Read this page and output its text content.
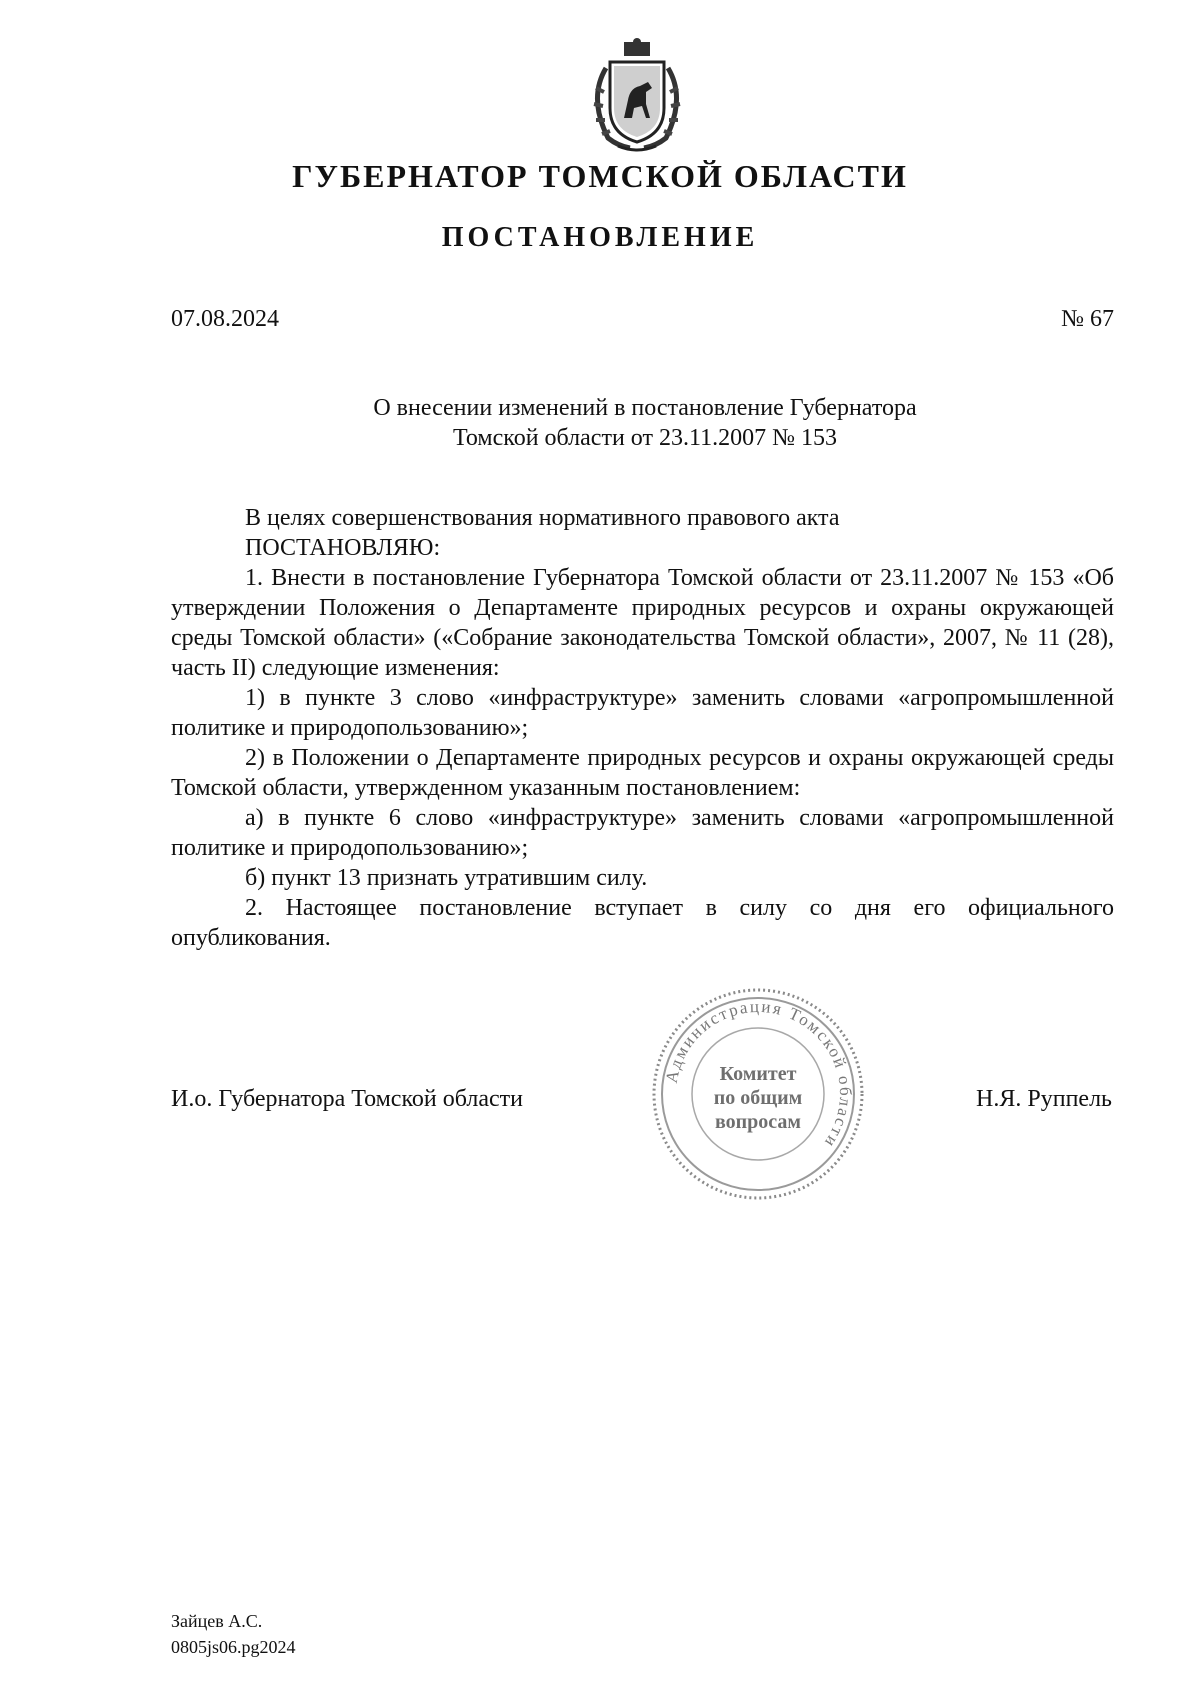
ГУБЕРНАТОР ТОМСКОЙ ОБЛАСТИ
ПОСТАНОВЛЕНИЕ
07.08.2024	№ 67
О внесении изменений в постановление Губернатора
Томской области от 23.11.2007 № 153

В целях совершенствования нормативного правового акта

ПОСТАНОВЛЯЮ:

1. Внести в постановление Губернатора Томской области от 23.11.2007 № 153 «Об утверждении Положения о Департаменте природных ресурсов и охраны окружающей среды Томской области» («Собрание законодательства Томской области», 2007, № 11 (28), часть II) следующие изменения:

1) в пункте 3 слово «инфраструктуре» заменить словами «агропромышленной политике и природопользованию»;

2) в Положении о Департаменте природных ресурсов и охраны окружающей среды Томской области, утвержденном указанным постановлением:

а) в пункте 6 слово «инфраструктуре» заменить словами «агропромышленной политике и природопользованию»;

б) пункт 13 признать утратившим силу.

2. Настоящее постановление вступает в силу со дня его официального опубликования.

И.о. Губернатора Томской области
Администрация Томской области
Комитет
по общим
вопросам
Н.Я. Руппель
Зайцев А.С.
0805js06.pg2024
